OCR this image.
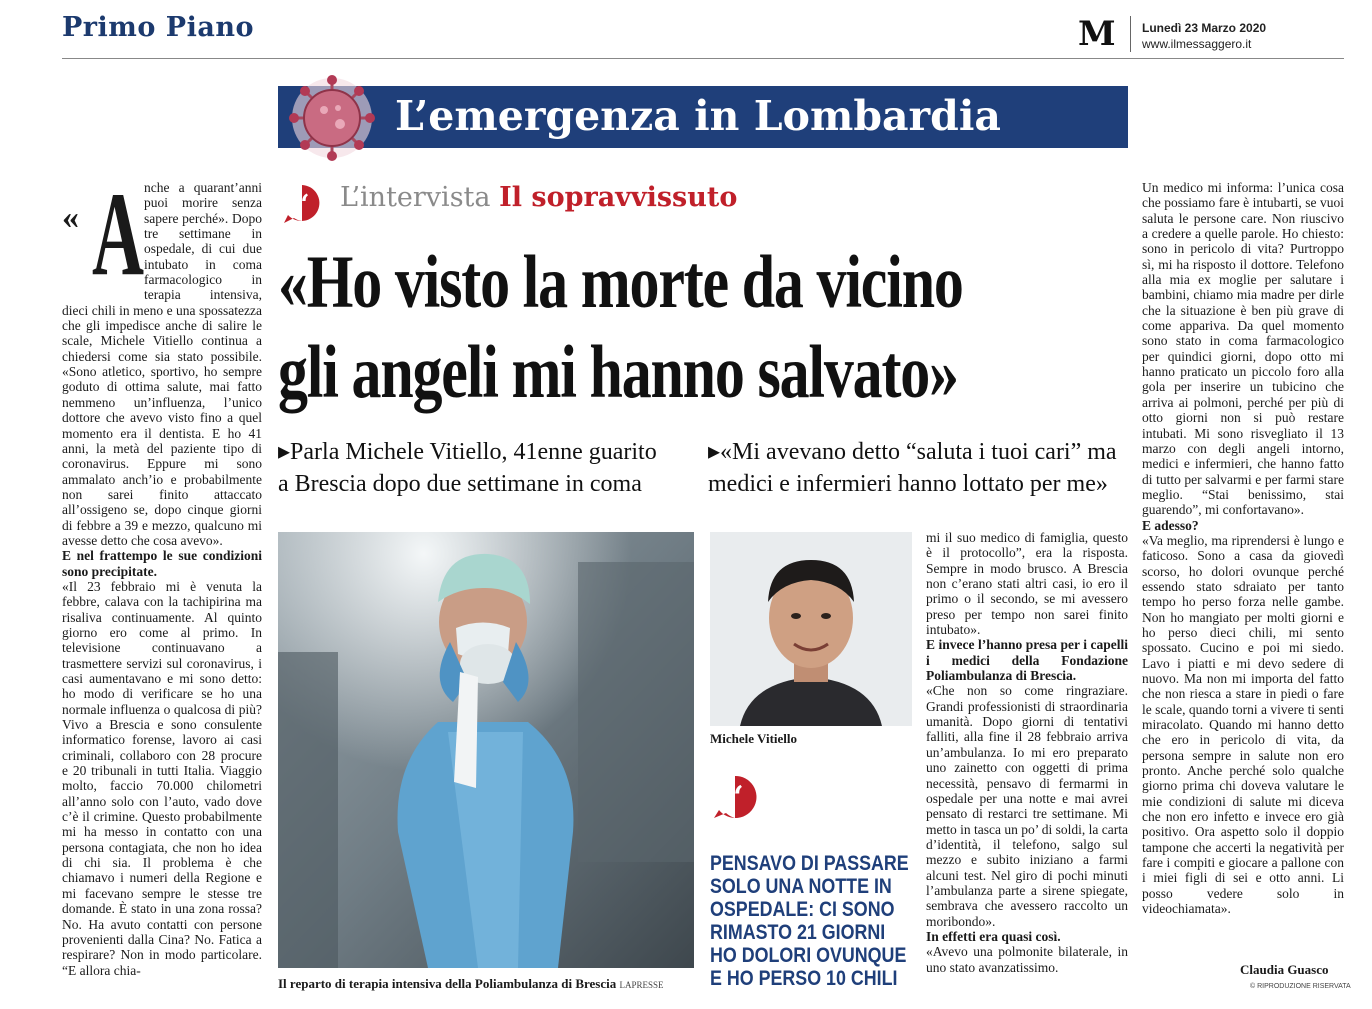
Primo Piano	M Lunedì 23 Marzo 2020
www.ilmessaggero.it
L’emergenza in Lombardia
“ L’intervista Il sopravvissuto
«Ho visto la morte da vicino
gli angeli mi hanno salvato»
▸Parla Michele Vitiello, 41enne guarito
a Brescia dopo due settimane in coma
▸«Mi avevano detto “saluta i tuoi cari” ma
medici e infermieri hanno lottato per me»
« A nche a quarant’anni puoi morire senza sapere perché». Dopo tre settimane in ospedale, di cui due intubato in coma farmacologico in terapia intensiva, dieci chili in meno e una spossatezza che gli impedisce anche di salire le scale, Michele Vitiello continua a chiedersi come sia stato possibile. «Sono atletico, sportivo, ho sempre goduto di ottima salute, mai fatto nemmeno un’influenza, l’unico dottore che avevo visto fino a quel momento era il dentista. E ho 41 anni, la metà del paziente tipo di coronavirus. Eppure mi sono ammalato anch’io e probabilmente non sarei finito attaccato all’ossigeno se, dopo cinque giorni di febbre a 39 e mezzo, qualcuno mi avesse detto che cosa avevo».

E nel frattempo le sue condizioni sono precipitate.

«Il 23 febbraio mi è venuta la febbre, calava con la tachipirina ma risaliva continuamente. Al quinto giorno ero come al primo. In televisione continuavano a trasmettere servizi sul coronavirus, i casi aumentavano e mi sono detto: ho modo di verificare se ho una normale influenza o qualcosa di più? Vivo a Brescia e sono consulente informatico forense, lavoro ai casi criminali, collaboro con 28 procure e 20 tribunali in tutti Italia. Viaggio molto, faccio 70.000 chilometri all’anno solo con l’auto, vado dove c’è il crimine. Questo probabilmente mi ha messo in contatto con una persona contagiata, che non ho idea di chi sia. Il problema è che chiamavo i numeri della Regione e mi facevano sempre le stesse tre domande. È stato in una zona rossa? No. Ha avuto contatti con persone provenienti dalla Cina? No. Fatica a respirare? Non in modo particolare. “E allora chia-

Il reparto di terapia intensiva della Poliambulanza di Brescia LAPRESSE
Michele Vitiello
“
PENSAVO DI PASSARE
SOLO UNA NOTTE IN
OSPEDALE: CI SONO
RIMASTO 21 GIORNI
HO DOLORI OVUNQUE
E HO PERSO 10 CHILI

mi il suo medico di famiglia, questo è il protocollo”, era la risposta. Sempre in modo brusco. A Brescia non c’erano stati altri casi, io ero il primo o il secondo, se mi avessero preso per tempo non sarei finito intubato».

E invece l’hanno presa per i capelli i medici della Fondazione Poliambulanza di Brescia.

«Che non so come ringraziare. Grandi professionisti di straordinaria umanità. Dopo giorni di tentativi falliti, alla fine il 28 febbraio arriva un’ambulanza. Io mi ero preparato uno zainetto con oggetti di prima necessità, pensavo di fermarmi in ospedale per una notte e mai avrei pensato di restarci tre settimane. Mi metto in tasca un po’ di soldi, la carta d’identità, il telefono, salgo sul mezzo e subito iniziano a farmi alcuni test. Nel giro di pochi minuti l’ambulanza parte a sirene spiegate, sembrava che avessero raccolto un moribondo».

In effetti era quasi così.

«Avevo una polmonite bilaterale, in uno stato avanzatissimo.

Un medico mi informa: l’unica cosa che possiamo fare è intubarti, se vuoi saluta le persone care. Non riuscivo a credere a quelle parole. Ho chiesto: sono in pericolo di vita? Purtroppo sì, mi ha risposto il dottore. Telefono alla mia ex moglie per salutare i bambini, chiamo mia madre per dirle che la situazione è ben più grave di come appariva. Da quel momento sono stato in coma farmacologico per quindici giorni, dopo otto mi hanno praticato un piccolo foro alla gola per inserire un tubicino che arriva ai polmoni, perché per più di otto giorni non si può restare intubati. Mi sono risvegliato il 13 marzo con degli angeli intorno, medici e infermieri, che hanno fatto di tutto per salvarmi e per farmi stare meglio. “Stai benissimo, stai guarendo”, mi confortavano».

E adesso?

«Va meglio, ma riprendersi è lungo e faticoso. Sono a casa da giovedì scorso, ho dolori ovunque perché essendo stato sdraiato per tanto tempo ho perso forza nelle gambe. Non ho mangiato per molti giorni e ho perso dieci chili, mi sento spossato. Cucino e poi mi siedo. Lavo i piatti e mi devo sedere di nuovo. Ma non mi importa del fatto che non riesca a stare in piedi o fare le scale, quando torni a vivere ti senti miracolato. Quando mi hanno detto che ero in pericolo di vita, da persona sempre in salute non ero pronto. Anche perché solo qualche giorno prima chi doveva valutare le mie condizioni di salute mi diceva che non ero infetto e invece ero già positivo. Ora aspetto solo il doppio tampone che accerti la negatività per fare i compiti e giocare a pallone con i miei figli di sei e otto anni. Li posso vedere solo in videochiamata».

Claudia Guasco
© RIPRODUZIONE RISERVATA
